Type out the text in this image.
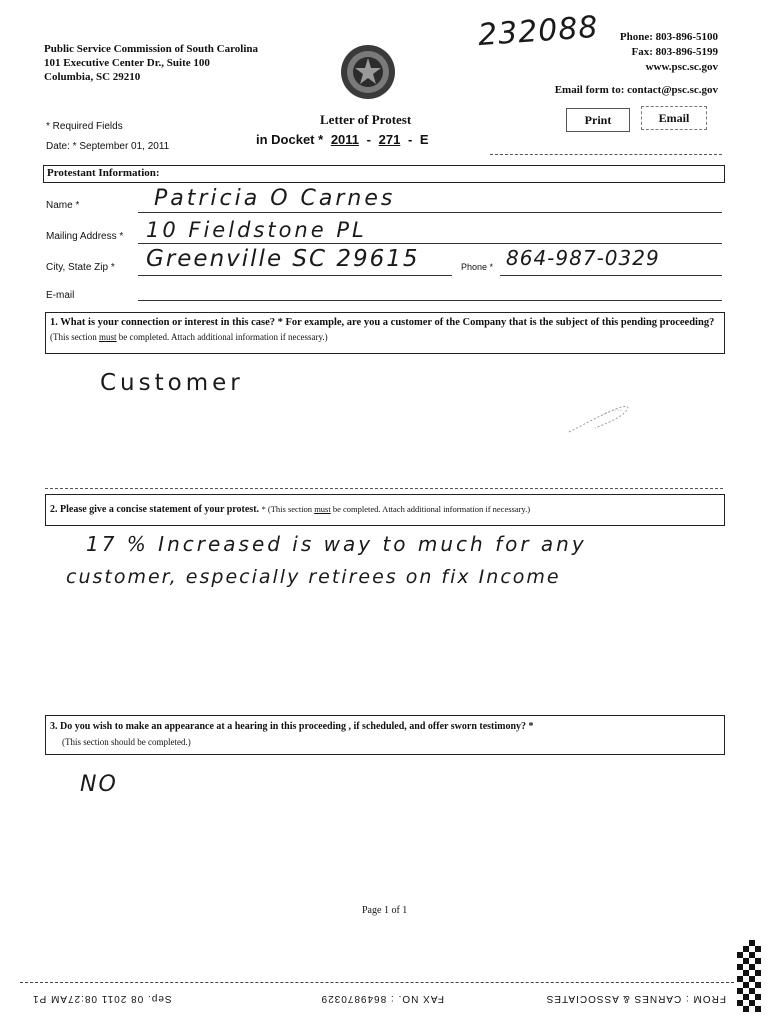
Public Service Commission of South Carolina
101 Executive Center Dr., Suite 100
Columbia, SC 29210
232088 Phone: 803-896-5100
Fax: 803-896-5199
www.psc.sc.gov
Email form to: contact@psc.sc.gov
Print	Email
* Required Fields	Letter of Protest
Date: * September 01, 2011	in Docket * 2011 - 271 - E
Protestant Information:
Name *	Patricia O Carnes
Mailing Address * 10 Fieldstone PL
City, State Zip * Greenville SC 29615	Phone * 864-987-0329
E-mail
1. What is your connection or interest in this case? * For example, are you a customer of the Company that is the subject of this pending proceeding? (This section must be completed. Attach additional information if necessary.)
Customer
2. Please give a concise statement of your protest. * (This section must be completed. Attach additional information if necessary.)
17 % Increased is way to much for any
customer, especially retirees on fix Income
3. Do you wish to make an appearance at a hearing in this proceeding , if scheduled, and offer sworn testimony? *
(This section should be completed.)
NO
Page 1 of 1
FROM : CARNES & ASSOCIATES
FAX NO. : 8649870329
Sep. 08 2011 08:27AM P1
